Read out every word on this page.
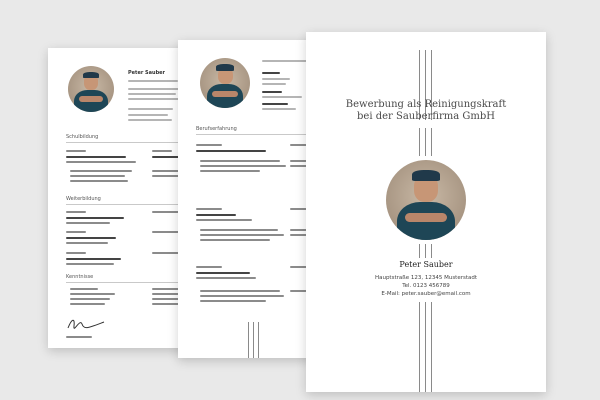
Peter Sauber
Schulbildung
Weiterbildung
Kenntnisse
Berufserfahrung
Bewerbung als Reinigungskraft
bei der Sauberfirma GmbH
Peter Sauber
Hauptstraße 123, 12345 Musterstadt
Tel. 0123 456789
E-Mail: peter.sauber@email.com
